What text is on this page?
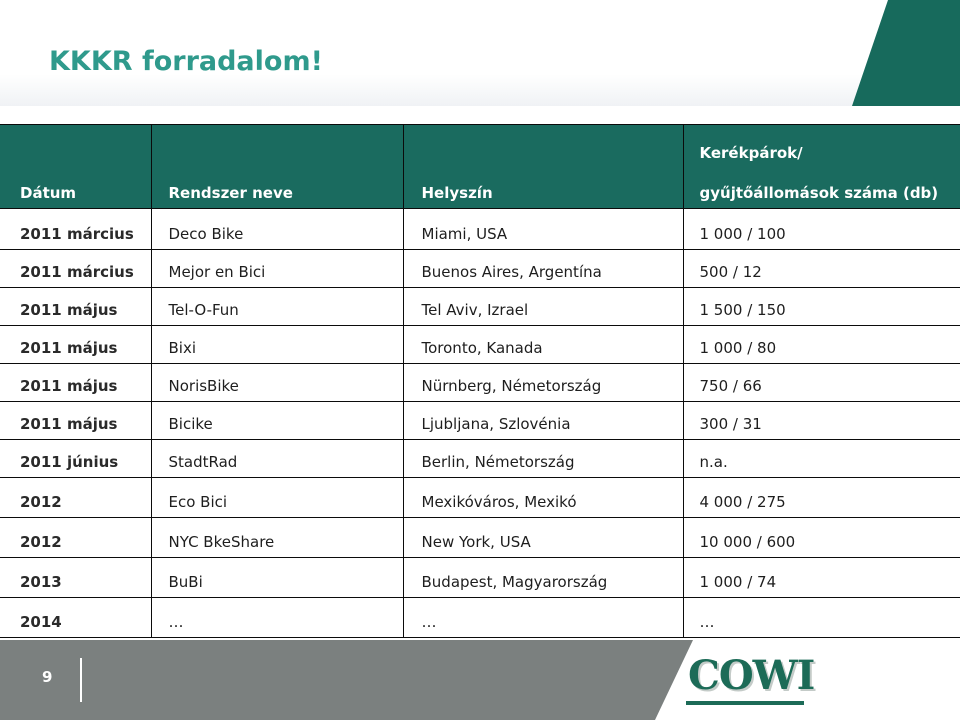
KKKR forradalom!
Dátum	Rendszer neve	Helyszín	Kerékpárok/
gyűjtőállomások száma (db)

2011 március	Deco Bike	Miami, USA	1 000 / 100
2011 március	Mejor en Bici	Buenos Aires, Argentína	500 / 12
2011 május	Tel-O-Fun	Tel Aviv, Izrael	1 500 / 150
2011 május	Bixi	Toronto, Kanada	1 000 / 80
2011 május	NorisBike	Nürnberg, Németország	750 / 66
2011 május	Bicike	Ljubljana, Szlovénia	300 / 31
2011 június	StadtRad	Berlin, Németország	n.a.
2012	Eco Bici	Mexikóváros, Mexikó	4 000 / 275
2012	NYC BkeShare	New York, USA	10 000 / 600
2013	BuBi	Budapest, Magyarország	1 000 / 74
2014	…	…	…
9	COWI
